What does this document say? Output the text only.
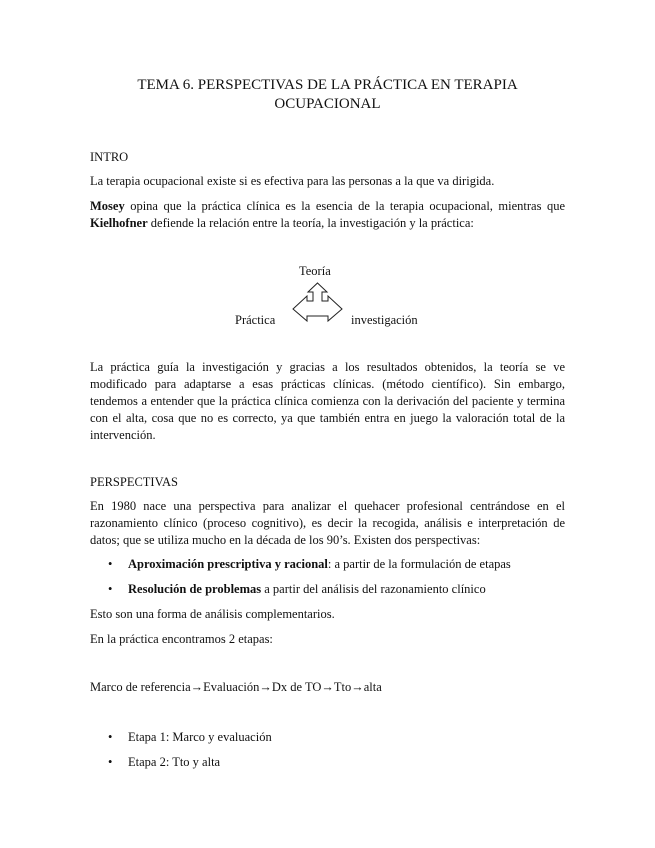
TEMA 6. PERSPECTIVAS DE LA PRÁCTICA EN TERAPIA
OCUPACIONAL

INTRO

La terapia ocupacional existe si es efectiva para las personas a la que va dirigida.

Mosey opina que la práctica clínica es la esencia de la terapia ocupacional, mientras que Kielhofner defiende la relación entre la teoría, la investigación y la práctica:

Teoría
Práctica	investigación

La práctica guía la investigación y gracias a los resultados obtenidos, la teoría se ve modificado para adaptarse a esas prácticas clínicas. (método científico). Sin embargo, tendemos a entender que la práctica clínica comienza con la derivación del paciente y termina con el alta, cosa que no es correcto, ya que también entra en juego la valoración total de la intervención.

PERSPECTIVAS

En 1980 nace una perspectiva para analizar el quehacer profesional centrándose en el razonamiento clínico (proceso cognitivo), es decir la recogida, análisis e interpretación de datos; que se utiliza mucho en la década de los 90’s. Existen dos perspectivas:

• Aproximación prescriptiva y racional: a partir de la formulación de etapas
• Resolución de problemas a partir del análisis del razonamiento clínico

Esto son una forma de análisis complementarios.

En la práctica encontramos 2 etapas:

Marco de referencia→Evaluación→Dx de TO→Tto→alta

• Etapa 1: Marco y evaluación
• Etapa 2: Tto y alta
